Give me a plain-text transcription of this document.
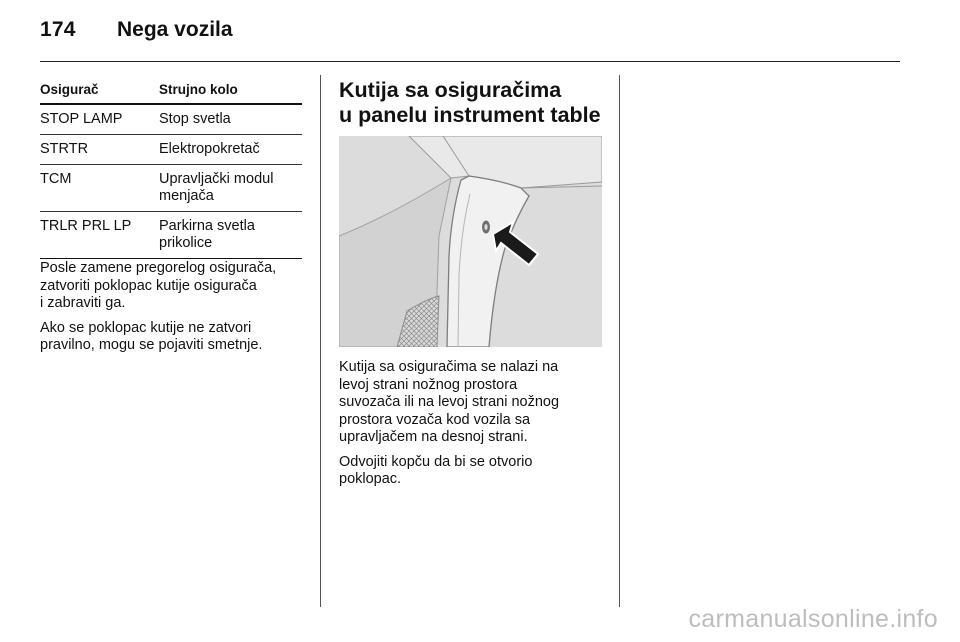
174 Nega vozila
Osigurač	Strujno kolo
STOP LAMP	Stop svetla
STRTR	Elektropokretač
TCM	Upravljački modul
menjača
TRLR PRL LP	Parkirna svetla
prikolice

Posle zamene pregorelog osigurača,
zatvoriti poklopac kutije osigurača
i zabraviti ga.

Ako se poklopac kutije ne zatvori
pravilno, mogu se pojaviti smetnje.

Kutija sa osiguračima
u panelu instrument table

Kutija sa osiguračima se nalazi na
levoj strani nožnog prostora
suvozača ili na levoj strani nožnog
prostora vozača kod vozila sa
upravljačem na desnoj strani.

Odvojiti kopču da bi se otvorio
poklopac.

carmanualsonline.info
